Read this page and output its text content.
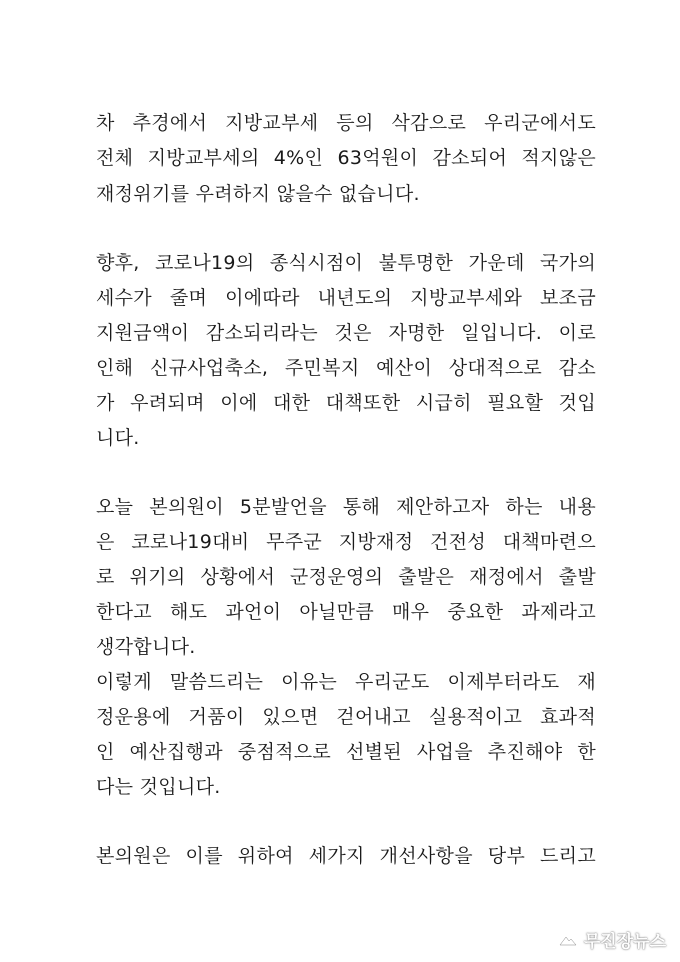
차 추경에서 지방교부세 등의 삭감으로 우리군에서도
전체 지방교부세의 4%인 63억원이 감소되어 적지않은
재정위기를 우려하지 않을수 없습니다.
향후, 코로나19의 종식시점이 불투명한 가운데 국가의
세수가 줄며 이에따라 내년도의 지방교부세와 보조금
지원금액이 감소되리라는 것은 자명한 일입니다. 이로
인해 신규사업축소, 주민복지 예산이 상대적으로 감소
가 우려되며 이에 대한 대책또한 시급히 필요할 것입
니다.
오늘 본의원이 5분발언을 통해 제안하고자 하는 내용
은 코로나19대비 무주군 지방재정 건전성 대책마련으
로 위기의 상황에서 군정운영의 출발은 재정에서 출발
한다고 해도 과언이 아닐만큼 매우 중요한 과제라고
생각합니다.
이렇게 말씀드리는 이유는 우리군도 이제부터라도 재
정운용에 거품이 있으면 걷어내고 실용적이고 효과적
인 예산집행과 중점적으로 선별된 사업을 추진해야 한
다는 것입니다.
본의원은 이를 위하여 세가지 개선사항을 당부 드리고
무진장뉴스
